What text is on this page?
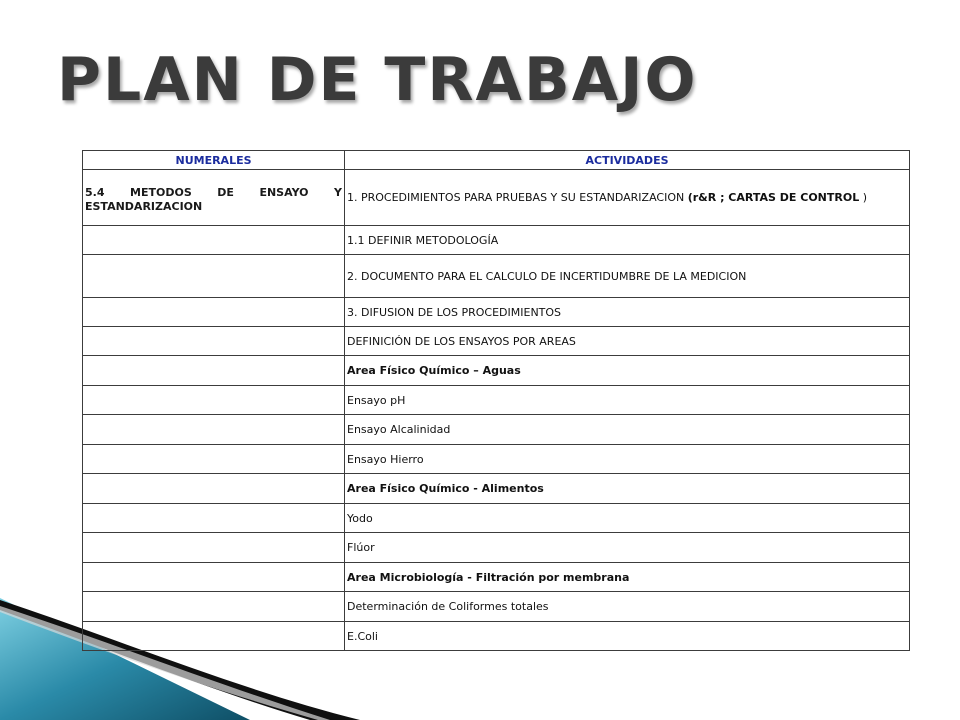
PLAN DE TRABAJO
NUMERALES	ACTIVIDADES
5.4 METODOS DE ENSAYO Y ESTANDARIZACION	1. PROCEDIMIENTOS PARA PRUEBAS Y SU ESTANDARIZACION (r&R ; CARTAS DE CONTROL )
	1.1 DEFINIR METODOLOGÍA
	2. DOCUMENTO PARA EL CALCULO DE INCERTIDUMBRE DE LA MEDICION
	3. DIFUSION DE LOS PROCEDIMIENTOS
	DEFINICIÓN DE LOS ENSAYOS POR AREAS
	Area Físico Químico – Aguas
	Ensayo pH
	Ensayo Alcalinidad
	Ensayo Hierro
	Area Físico Químico - Alimentos
	Yodo
	Flúor
	Area Microbiología - Filtración por membrana
	Determinación de Coliformes totales
	E.Coli
